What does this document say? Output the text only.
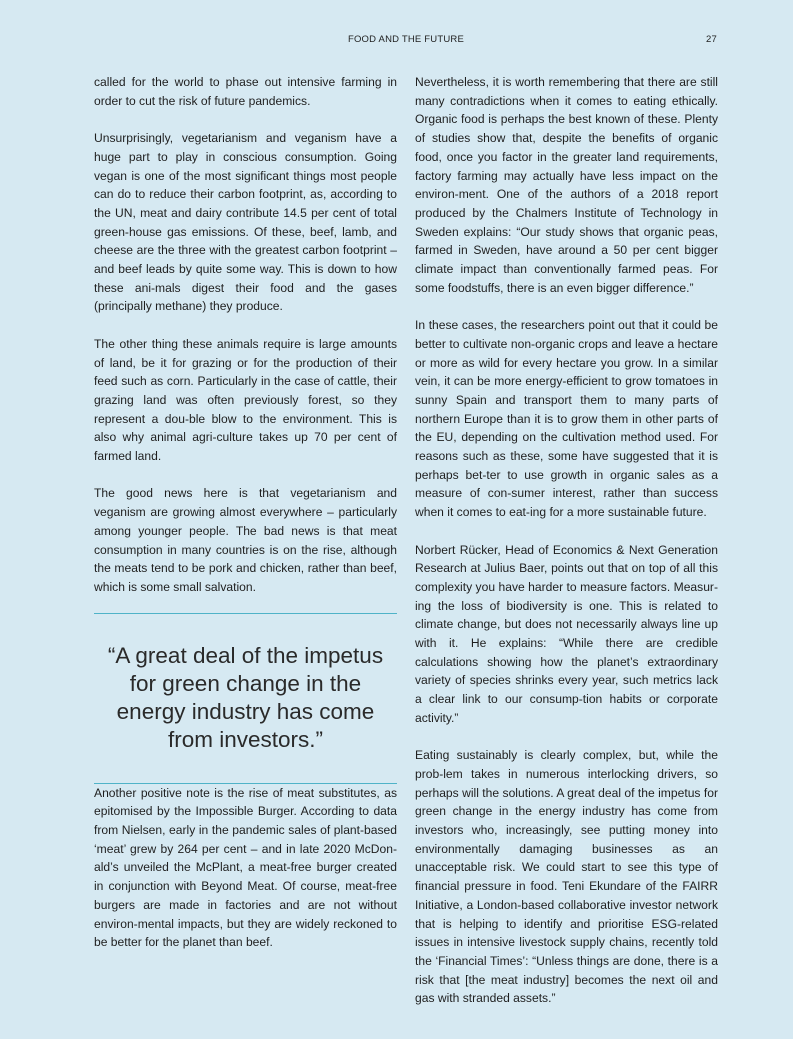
FOOD AND THE FUTURE	27

called for the world to phase out intensive farming in order to cut the risk of future pandemics.

Unsurprisingly, vegetarianism and veganism have a huge part to play in conscious consumption. Going vegan is one of the most significant things most people can do to reduce their carbon footprint, as, according to the UN, meat and dairy contribute 14.5 per cent of total green-house gas emissions. Of these, beef, lamb, and cheese are the three with the greatest carbon footprint – and beef leads by quite some way. This is down to how these ani-mals digest their food and the gases (principally methane) they produce.

The other thing these animals require is large amounts of land, be it for grazing or for the production of their feed such as corn. Particularly in the case of cattle, their grazing land was often previously forest, so they represent a dou-ble blow to the environment. This is also why animal agri-culture takes up 70 per cent of farmed land.

The good news here is that vegetarianism and veganism are growing almost everywhere – particularly among younger people. The bad news is that meat consumption in many countries is on the rise, although the meats tend to be pork and chicken, rather than beef, which is some small salvation.

“A great deal of the impetus for green change in the energy industry has come from investors.”

Another positive note is the rise of meat substitutes, as epitomised by the Impossible Burger. According to data from Nielsen, early in the pandemic sales of plant-based ‘meat’ grew by 264 per cent – and in late 2020 McDon-ald’s unveiled the McPlant, a meat-free burger created in conjunction with Beyond Meat. Of course, meat-free burgers are made in factories and are not without environ-mental impacts, but they are widely reckoned to be better for the planet than beef.

Nevertheless, it is worth remembering that there are still many contradictions when it comes to eating ethically. Organic food is perhaps the best known of these. Plenty of studies show that, despite the benefits of organic food, once you factor in the greater land requirements, factory farming may actually have less impact on the environ-ment. One of the authors of a 2018 report produced by the Chalmers Institute of Technology in Sweden explains: “Our study shows that organic peas, farmed in Sweden, have around a 50 per cent bigger climate impact than conventionally farmed peas. For some foodstuffs, there is an even bigger difference.”

In these cases, the researchers point out that it could be better to cultivate non-organic crops and leave a hectare or more as wild for every hectare you grow. In a similar vein, it can be more energy-efficient to grow tomatoes in sunny Spain and transport them to many parts of northern Europe than it is to grow them in other parts of the EU, depending on the cultivation method used. For reasons such as these, some have suggested that it is perhaps bet-ter to use growth in organic sales as a measure of con-sumer interest, rather than success when it comes to eat-ing for a more sustainable future.

Norbert Rücker, Head of Economics & Next Generation Research at Julius Baer, points out that on top of all this complexity you have harder to measure factors. Measur-ing the loss of biodiversity is one. This is related to climate change, but does not necessarily always line up with it. He explains: “While there are credible calculations showing how the planet’s extraordinary variety of species shrinks every year, such metrics lack a clear link to our consump-tion habits or corporate activity.”

Eating sustainably is clearly complex, but, while the prob-lem takes in numerous interlocking drivers, so perhaps will the solutions. A great deal of the impetus for green change in the energy industry has come from investors who, increasingly, see putting money into environmentally damaging businesses as an unacceptable risk. We could start to see this type of financial pressure in food. Teni Ekundare of the FAIRR Initiative, a London-based collaborative investor network that is helping to identify and prioritise ESG-related issues in intensive livestock supply chains, recently told the ‘Financial Times’: “Unless things are done, there is a risk that [the meat industry] becomes the next oil and gas with stranded assets.”
